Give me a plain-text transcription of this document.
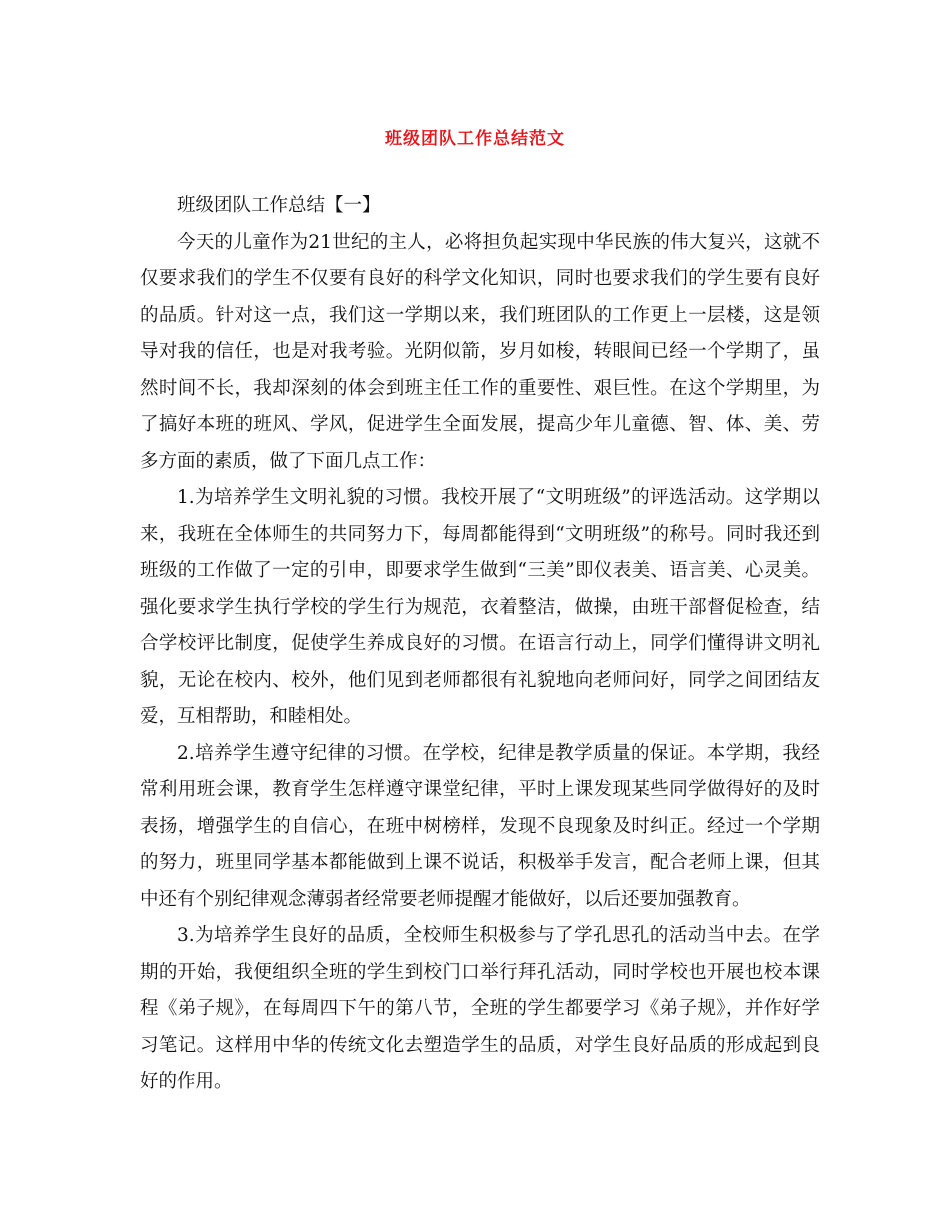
班级团队工作总结范文

班级团队工作总结【一】

今天的儿童作为21世纪的主人，必将担负起实现中华民族的伟大复兴，这就不仅要求我们的学生不仅要有良好的科学文化知识，同时也要求我们的学生要有良好的品质。针对这一点，我们这一学期以来，我们班团队的工作更上一层楼，这是领导对我的信任，也是对我考验。光阴似箭，岁月如梭，转眼间已经一个学期了，虽然时间不长，我却深刻的体会到班主任工作的重要性、艰巨性。在这个学期里，为了搞好本班的班风、学风，促进学生全面发展，提高少年儿童德、智、体、美、劳多方面的素质，做了下面几点工作：

1.为培养学生文明礼貌的习惯。我校开展了“文明班级”的评选活动。这学期以来，我班在全体师生的共同努力下，每周都能得到“文明班级”的称号。同时我还到班级的工作做了一定的引申，即要求学生做到“三美”即仪表美、语言美、心灵美。强化要求学生执行学校的学生行为规范，衣着整洁，做操，由班干部督促检查，结合学校评比制度，促使学生养成良好的习惯。在语言行动上，同学们懂得讲文明礼貌，无论在校内、校外，他们见到老师都很有礼貌地向老师问好，同学之间团结友爱，互相帮助，和睦相处。

2.培养学生遵守纪律的习惯。在学校，纪律是教学质量的保证。本学期，我经常利用班会课，教育学生怎样遵守课堂纪律，平时上课发现某些同学做得好的及时表扬，增强学生的自信心，在班中树榜样，发现不良现象及时纠正。经过一个学期的努力，班里同学基本都能做到上课不说话，积极举手发言，配合老师上课，但其中还有个别纪律观念薄弱者经常要老师提醒才能做好，以后还要加强教育。

3.为培养学生良好的品质，全校师生积极参与了学孔思孔的活动当中去。在学期的开始，我便组织全班的学生到校门口举行拜孔活动，同时学校也开展也校本课程《弟子规》，在每周四下午的第八节，全班的学生都要学习《弟子规》，并作好学习笔记。这样用中华的传统文化去塑造学生的品质，对学生良好品质的形成起到良好的作用。
